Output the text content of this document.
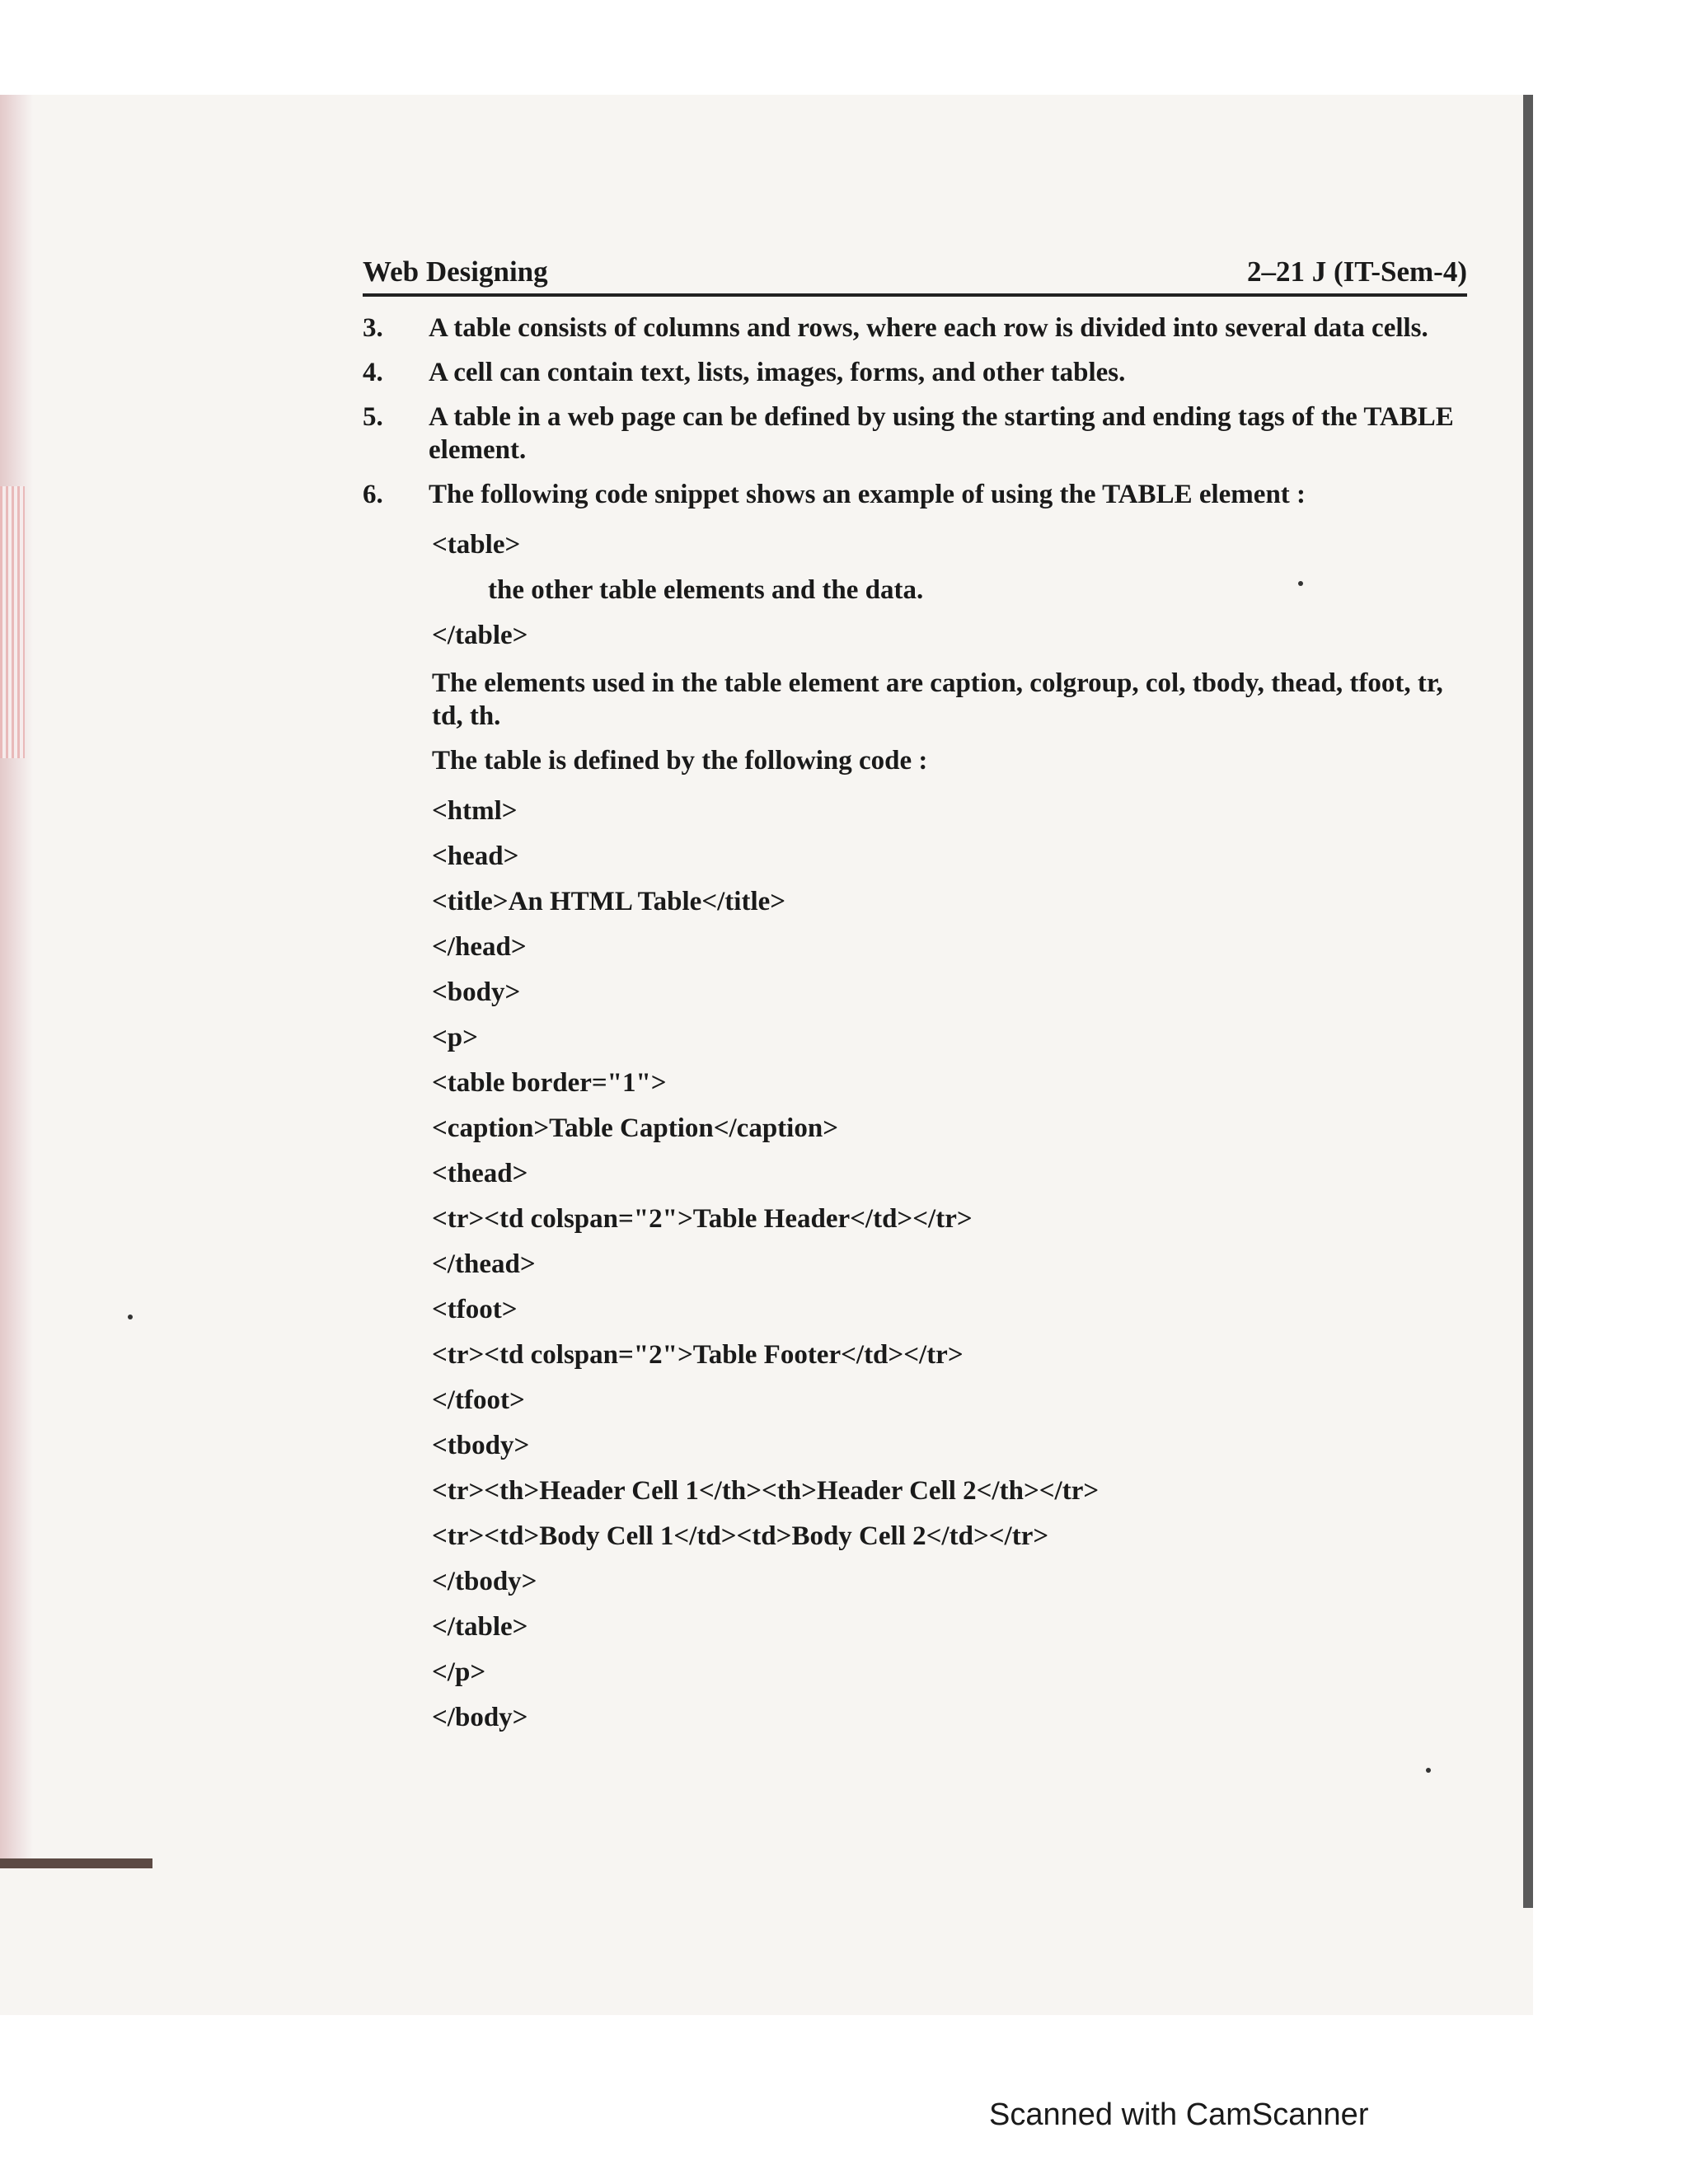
Web Designing	2–21 J (IT-Sem-4)
3.	A table consists of columns and rows, where each row is divided into several data cells.
4.	A cell can contain text, lists, images, forms, and other tables.
5.	A table in a web page can be defined by using the starting and ending tags of the TABLE element.
6.	The following code snippet shows an example of using the TABLE element :
<table>
the other table elements and the data.
</table>
The elements used in the table element are caption, colgroup, col, tbody, thead, tfoot, tr, td, th.
The table is defined by the following code :
<html>
<head>
<title>An HTML Table</title>
</head>
<body>
<p>
<table border="1">
<caption>Table Caption</caption>
<thead>
<tr><td colspan="2">Table Header</td></tr>
</thead>
<tfoot>
<tr><td colspan="2">Table Footer</td></tr>
</tfoot>
<tbody>
<tr><th>Header Cell 1</th><th>Header Cell 2</th></tr>
<tr><td>Body Cell 1</td><td>Body Cell 2</td></tr>
</tbody>
</table>
</p>
</body>
Scanned with CamScanner
